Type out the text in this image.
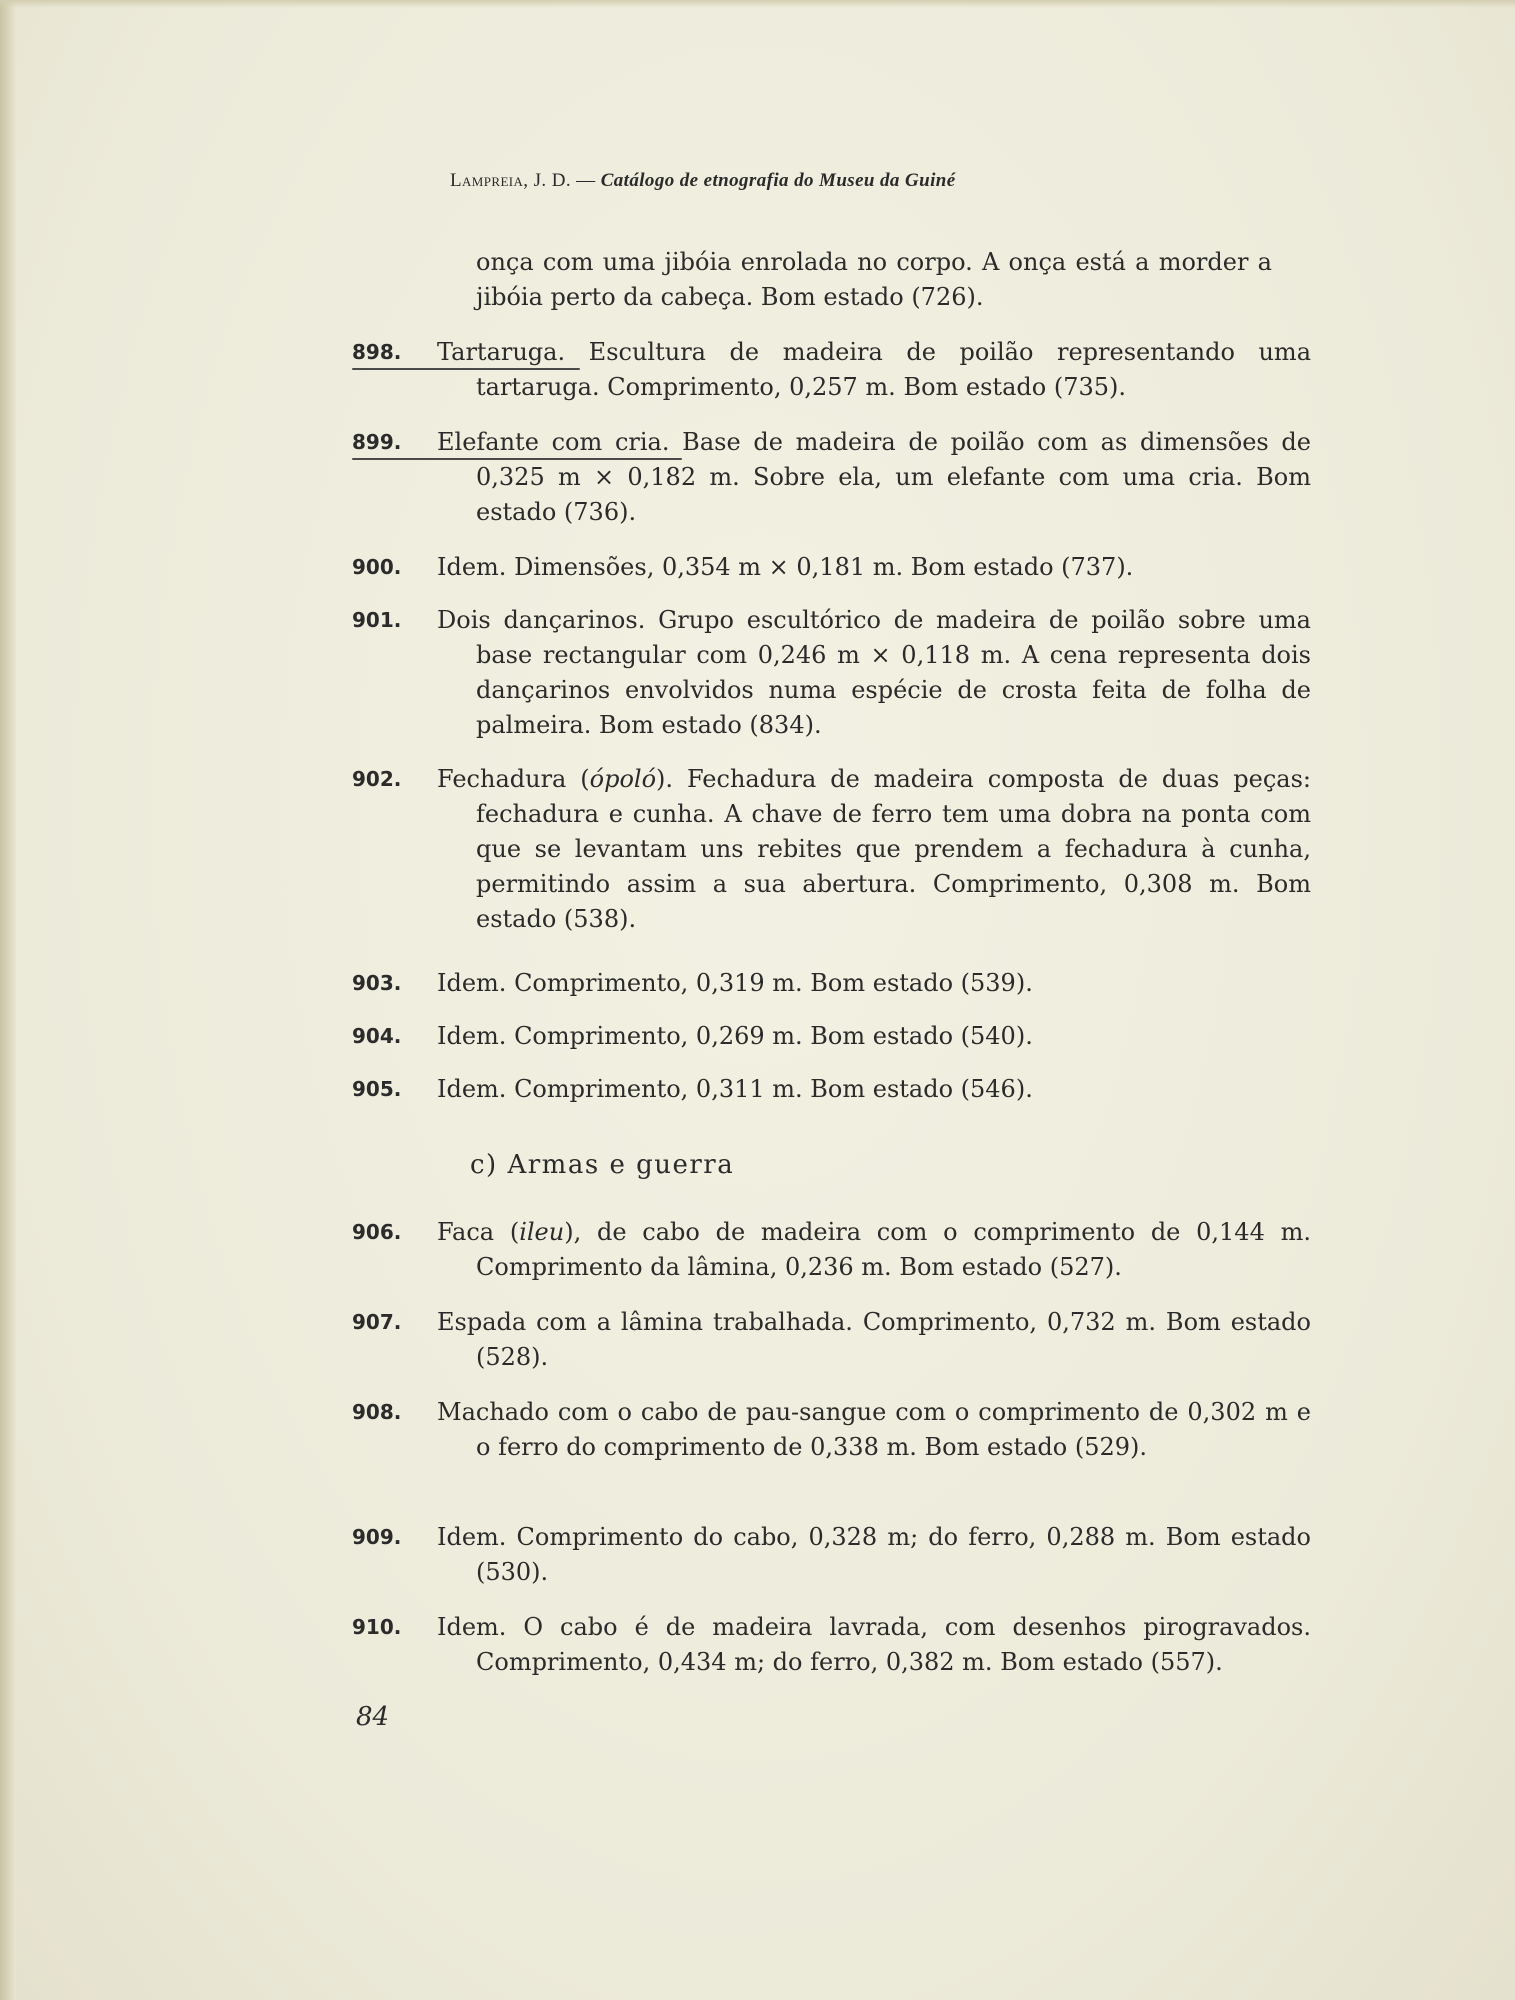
Lampreia, J. D. — Catálogo de etnografia do Museu da Guiné
onça com uma jibóia enrolada no corpo. A onça está a morder a jibóia perto da cabeça. Bom estado (726).
898. Tartaruga. Escultura de madeira de poilão representando uma tartaruga. Comprimento, 0,257 m. Bom estado (735).

899. Elefante com cria. Base de madeira de poilão com as dimensões de 0,325 m × 0,182 m. Sobre ela, um elefante com uma cria. Bom estado (736).

900. Idem. Dimensões, 0,354 m × 0,181 m. Bom estado (737).

901. Dois dançarinos. Grupo escultórico de madeira de poilão sobre uma base rectangular com 0,246 m × 0,118 m. A cena representa dois dançarinos envolvidos numa espécie de crosta feita de folha de palmeira. Bom estado (834).

902. Fechadura (ópoló). Fechadura de madeira composta de duas peças: fechadura e cunha. A chave de ferro tem uma dobra na ponta com que se levantam uns rebites que prendem a fechadura à cunha, permitindo assim a sua abertura. Comprimento, 0,308 m. Bom estado (538).

903. Idem. Comprimento, 0,319 m. Bom estado (539).

904. Idem. Comprimento, 0,269 m. Bom estado (540).

905. Idem. Comprimento, 0,311 m. Bom estado (546).

c) Armas e guerra
906. Faca (ileu), de cabo de madeira com o comprimento de 0,144 m. Comprimento da lâmina, 0,236 m. Bom estado (527).

907. Espada com a lâmina trabalhada. Comprimento, 0,732 m. Bom estado (528).

908. Machado com o cabo de pau-sangue com o comprimento de 0,302 m e o ferro do comprimento de 0,338 m. Bom estado (529).

909. Idem. Comprimento do cabo, 0,328 m; do ferro, 0,288 m. Bom estado (530).

910. Idem. O cabo é de madeira lavrada, com desenhos pirogravados. Comprimento, 0,434 m; do ferro, 0,382 m. Bom estado (557).

84
